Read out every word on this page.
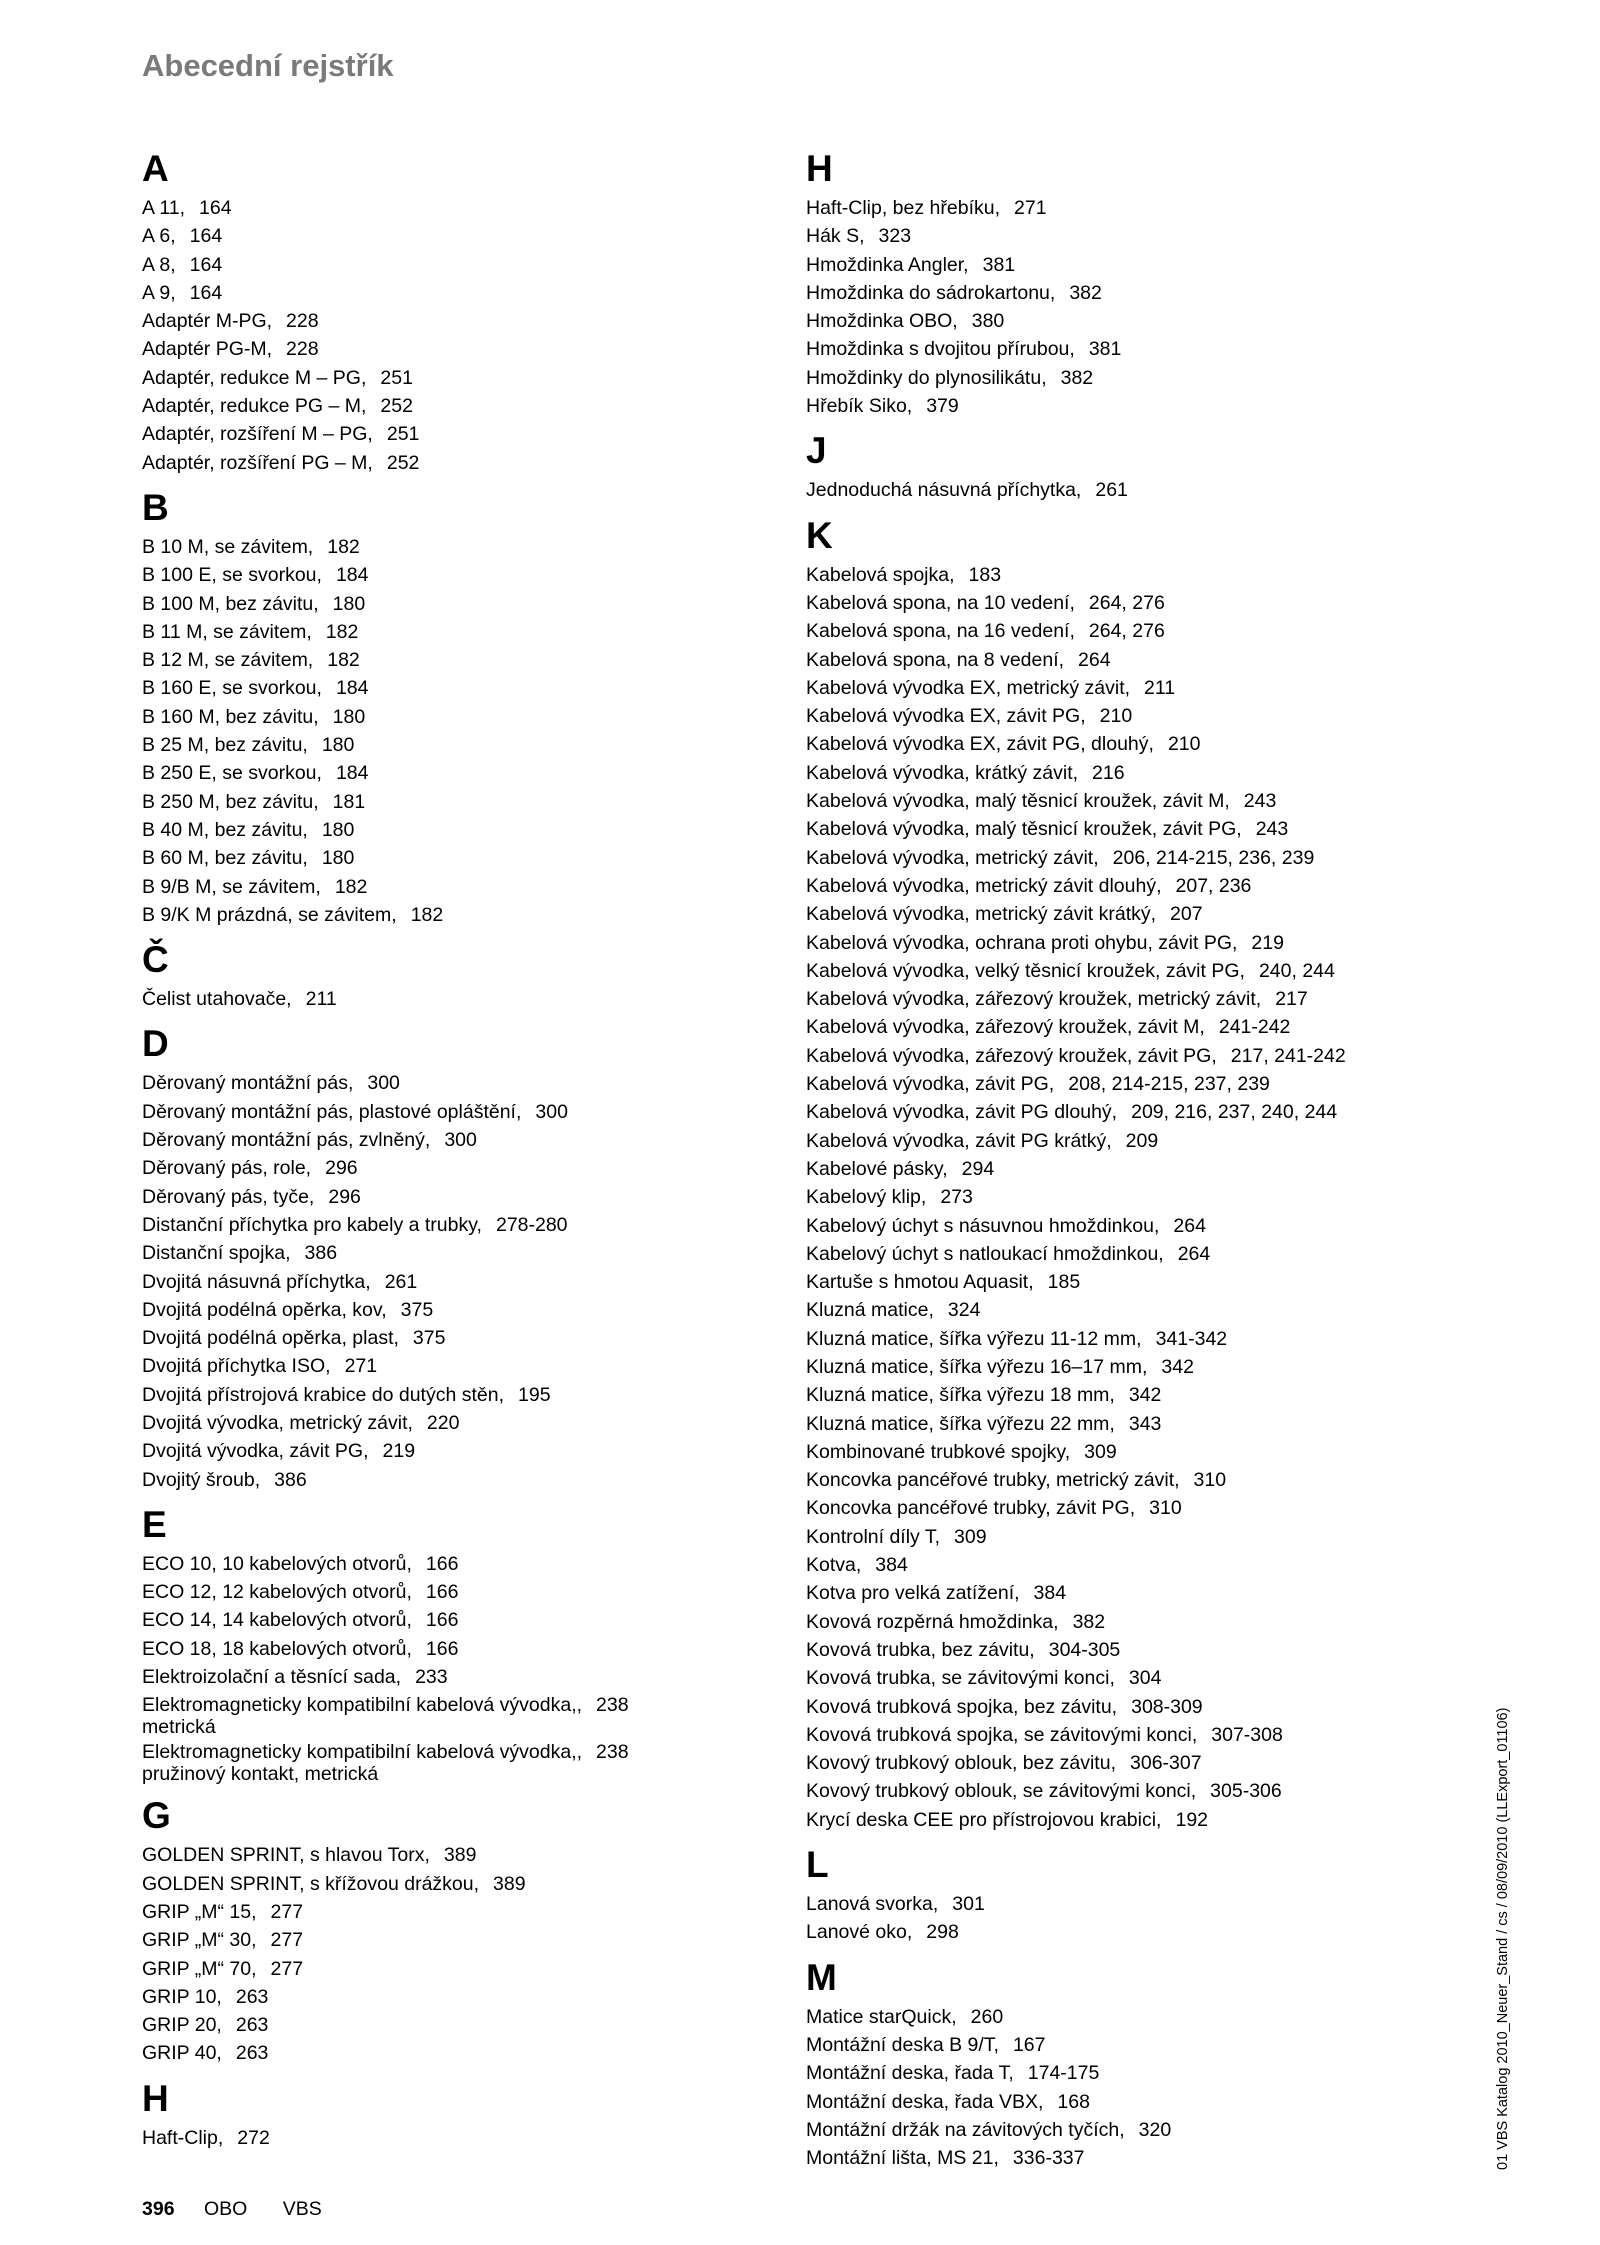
Abecední rejstřík
A
A 11, 164
A 6, 164
A 8, 164
A 9, 164
Adaptér M-PG, 228
Adaptér PG-M, 228
Adaptér, redukce M – PG, 251
Adaptér, redukce PG – M, 252
Adaptér, rozšíření M – PG, 251
Adaptér, rozšíření PG – M, 252
B
B 10 M, se závitem, 182
B 100 E, se svorkou, 184
B 100 M, bez závitu, 180
B 11 M, se závitem, 182
B 12 M, se závitem, 182
B 160 E, se svorkou, 184
B 160 M, bez závitu, 180
B 25 M, bez závitu, 180
B 250 E, se svorkou, 184
B 250 M, bez závitu, 181
B 40 M, bez závitu, 180
B 60 M, bez závitu, 180
B 9/B M, se závitem, 182
B 9/K M prázdná, se závitem, 182
Č
Čelist utahovače, 211
D
Děrovaný montážní pás, 300
Děrovaný montážní pás, plastové opláštění, 300
Děrovaný montážní pás, zvlněný, 300
Děrovaný pás, role, 296
Děrovaný pás, tyče, 296
Distanční příchytka pro kabely a trubky, 278-280
Distanční spojka, 386
Dvojitá násuvná příchytka, 261
Dvojitá podélná opěrka, kov, 375
Dvojitá podélná opěrka, plast, 375
Dvojitá příchytka ISO, 271
Dvojitá přístrojová krabice do dutých stěn, 195
Dvojitá vývodka, metrický závit, 220
Dvojitá vývodka, závit PG, 219
Dvojitý šroub, 386
E
ECO 10, 10 kabelových otvorů, 166
ECO 12, 12 kabelových otvorů, 166
ECO 14, 14 kabelových otvorů, 166
ECO 18, 18 kabelových otvorů, 166
Elektroizolační a těsnící sada, 233
Elektromagneticky kompatibilní kabelová vývodka,, 238
metrická
Elektromagneticky kompatibilní kabelová vývodka,, 238
pružinový kontakt, metrická
G
GOLDEN SPRINT, s hlavou Torx, 389
GOLDEN SPRINT, s křížovou drážkou, 389
GRIP „M“ 15, 277
GRIP „M“ 30, 277
GRIP „M“ 70, 277
GRIP 10, 263
GRIP 20, 263
GRIP 40, 263
H
Haft-Clip, 272
H
Haft-Clip, bez hřebíku, 271
Hák S, 323
Hmoždinka Angler, 381
Hmoždinka do sádrokartonu, 382
Hmoždinka OBO, 380
Hmoždinka s dvojitou přírubou, 381
Hmoždinky do plynosilikátu, 382
Hřebík Siko, 379
J
Jednoduchá násuvná příchytka, 261
K
Kabelová spojka, 183
Kabelová spona, na 10 vedení, 264, 276
Kabelová spona, na 16 vedení, 264, 276
Kabelová spona, na 8 vedení, 264
Kabelová vývodka EX, metrický závit, 211
Kabelová vývodka EX, závit PG, 210
Kabelová vývodka EX, závit PG, dlouhý, 210
Kabelová vývodka, krátký závit, 216
Kabelová vývodka, malý těsnicí kroužek, závit M, 243
Kabelová vývodka, malý těsnicí kroužek, závit PG, 243
Kabelová vývodka, metrický závit, 206, 214-215, 236, 239
Kabelová vývodka, metrický závit dlouhý, 207, 236
Kabelová vývodka, metrický závit krátký, 207
Kabelová vývodka, ochrana proti ohybu, závit PG, 219
Kabelová vývodka, velký těsnicí kroužek, závit PG, 240, 244
Kabelová vývodka, zářezový kroužek, metrický závit, 217
Kabelová vývodka, zářezový kroužek, závit M, 241-242
Kabelová vývodka, zářezový kroužek, závit PG, 217, 241-242
Kabelová vývodka, závit PG, 208, 214-215, 237, 239
Kabelová vývodka, závit PG dlouhý, 209, 216, 237, 240, 244
Kabelová vývodka, závit PG krátký, 209
Kabelové pásky, 294
Kabelový klip, 273
Kabelový úchyt s násuvnou hmoždinkou, 264
Kabelový úchyt s natloukací hmoždinkou, 264
Kartuše s hmotou Aquasit, 185
Kluzná matice, 324
Kluzná matice, šířka výřezu 11-12 mm, 341-342
Kluzná matice, šířka výřezu 16–17 mm, 342
Kluzná matice, šířka výřezu 18 mm, 342
Kluzná matice, šířka výřezu 22 mm, 343
Kombinované trubkové spojky, 309
Koncovka pancéřové trubky, metrický závit, 310
Koncovka pancéřové trubky, závit PG, 310
Kontrolní díly T, 309
Kotva, 384
Kotva pro velká zatížení, 384
Kovová rozpěrná hmoždinka, 382
Kovová trubka, bez závitu, 304-305
Kovová trubka, se závitovými konci, 304
Kovová trubková spojka, bez závitu, 308-309
Kovová trubková spojka, se závitovými konci, 307-308
Kovový trubkový oblouk, bez závitu, 306-307
Kovový trubkový oblouk, se závitovými konci, 305-306
Krycí deska CEE pro přístrojovou krabici, 192
L
Lanová svorka, 301
Lanové oko, 298
M
Matice starQuick, 260
Montážní deska B 9/T, 167
Montážní deska, řada T, 174-175
Montážní deska, řada VBX, 168
Montážní držák na závitových tyčích, 320
Montážní lišta, MS 21, 336-337
396 OBO VBS
01 VBS Katalog 2010_Neuer_Stand / cs / 08/09/2010 (LLExport_01106)
